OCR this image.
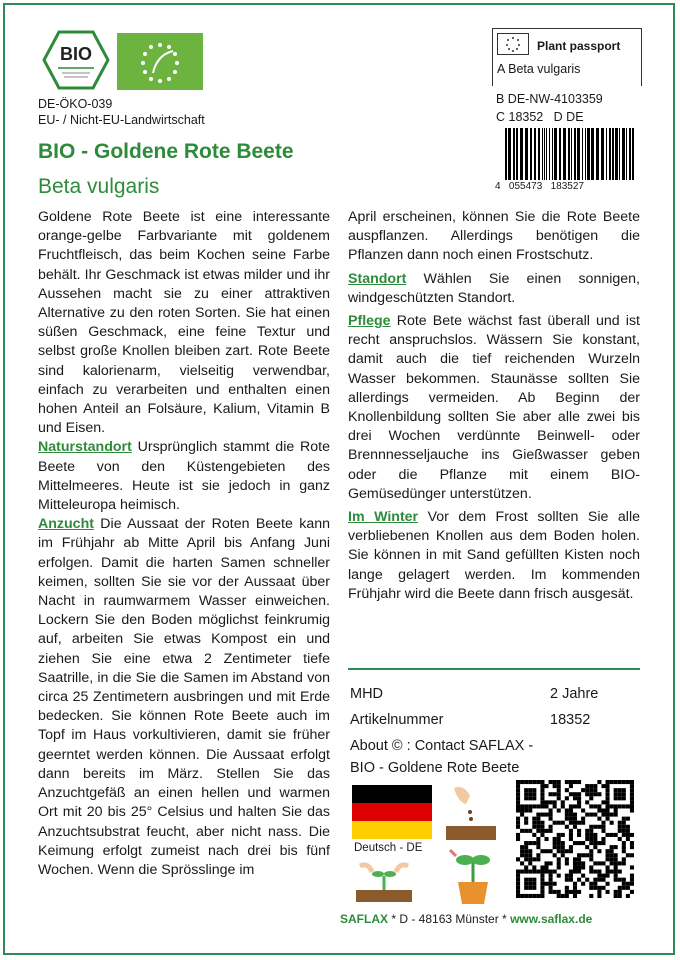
BIO
DE-ÖKO-039
EU- / Nicht-EU-Landwirtschaft
BIO - Goldene Rote Beete
Beta vulgaris
Plant passport
A Beta vulgaris
B DE-NW-4103359
C 18352   D DE
4   055473   183527

Goldene Rote Beete ist eine interessante orange-gelbe Farbvariante mit goldenem Fruchtfleisch, das beim Kochen seine Farbe behält. Ihr Geschmack ist etwas milder und ihr Aussehen macht sie zu einer attraktiven Alternative zu den roten Sorten. Sie hat einen süßen Geschmack, eine feine Textur und selbst große Knollen bleiben zart. Rote Beete sind kalorienarm, vielseitig verwendbar, einfach zu verarbeiten und enthalten einen hohen Anteil an Folsäure, Kalium, Vitamin B und Eisen.

Naturstandort Ursprünglich stammt die Rote Beete von den Küstengebieten des Mittelmeeres. Heute ist sie jedoch in ganz Mitteleuropa heimisch.

Anzucht Die Aussaat der Roten Beete kann im Frühjahr ab Mitte April bis Anfang Juni erfolgen. Damit die harten Samen schneller keimen, sollten Sie sie vor der Aussaat über Nacht in raumwarmem Wasser einweichen. Lockern Sie den Boden möglichst feinkrumig auf, arbeiten Sie etwas Kompost ein und ziehen Sie eine etwa 2 Zentimeter tiefe Saatrille, in die Sie die Samen im Abstand von circa 25 Zentimetern ausbringen und mit Erde bedecken. Sie können Rote Beete auch im Topf im Haus vorkultivieren, damit sie früher geerntet werden können. Die Aussaat erfolgt dann bereits im März. Stellen Sie das Anzuchtgefäß an einen hellen und warmen Ort mit 20 bis 25° Celsius und halten Sie das Anzuchtsubstrat feucht, aber nicht nass. Die Keimung erfolgt zumeist nach drei bis fünf Wochen. Wenn die Sprösslinge im

April erscheinen, können Sie die Rote Beete auspflanzen. Allerdings benötigen die Pflanzen dann noch einen Frostschutz.

Standort Wählen Sie einen sonnigen, windgeschützten Standort.

Pflege Rote Bete wächst fast überall und ist recht anspruchslos. Wässern Sie konstant, damit auch die tief reichenden Wurzeln Wasser bekommen. Staunässe sollten Sie allerdings vermeiden. Ab Beginn der Knollenbildung sollten Sie aber alle zwei bis drei Wochen verdünnte Beinwell- oder Brennnesseljauche ins Gießwasser geben oder die Pflanze mit einem BIO-Gemüsedünger unterstützen.

Im Winter Vor dem Frost sollten Sie alle verbliebenen Knollen aus dem Boden holen. Sie können in mit Sand gefüllten Kisten noch lange gelagert werden. Im kommenden Frühjahr wird die Beete dann frisch ausgesät.

MHD	2 Jahre
Artikelnummer	18352
About © : Contact SAFLAX -
BIO - Goldene Rote Beete
Deutsch - DE
SAFLAX * D - 48163 Münster * www.saflax.de
